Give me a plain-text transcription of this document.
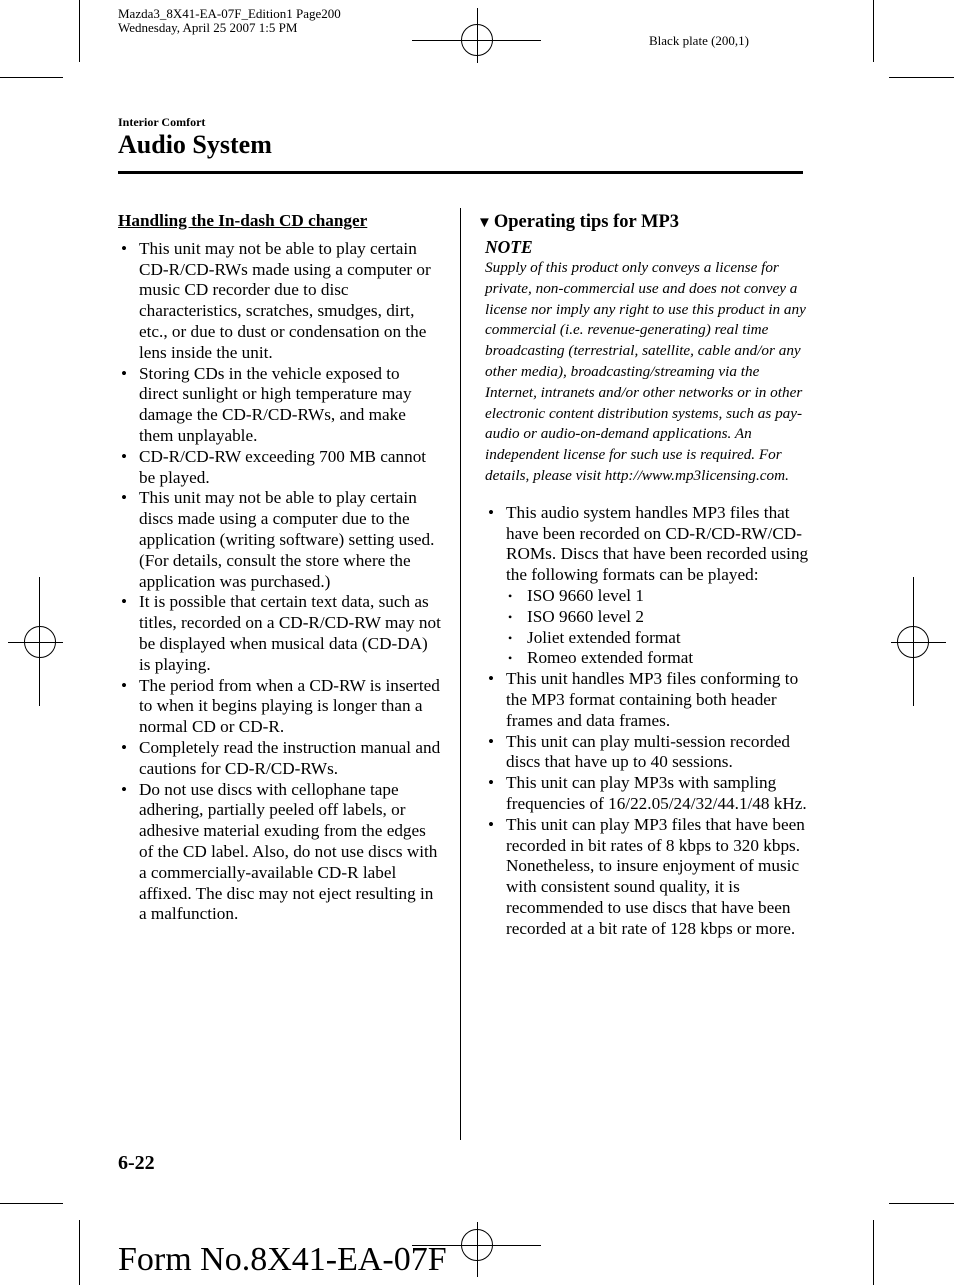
Mazda3_8X41-EA-07F_Edition1 Page200
Wednesday, April 25 2007 1:5 PM
Black plate (200,1)
Interior Comfort
Audio System
Handling the In-dash CD changer
• This unit may not be able to play certain CD-R/CD-RWs made using a computer or music CD recorder due to disc characteristics, scratches, smudges, dirt, etc., or due to dust or condensation on the lens inside the unit.
• Storing CDs in the vehicle exposed to direct sunlight or high temperature may damage the CD-R/CD-RWs, and make them unplayable.
• CD-R/CD-RW exceeding 700 MB cannot be played.
• This unit may not be able to play certain discs made using a computer due to the application (writing software) setting used. (For details, consult the store where the application was purchased.)
• It is possible that certain text data, such as titles, recorded on a CD-R/CD-RW may not be displayed when musical data (CD-DA) is playing.
• The period from when a CD-RW is inserted to when it begins playing is longer than a normal CD or CD-R.
• Completely read the instruction manual and cautions for CD-R/CD-RWs.
• Do not use discs with cellophane tape adhering, partially peeled off labels, or adhesive material exuding from the edges of the CD label. Also, do not use discs with a commercially-available CD-R label affixed. The disc may not eject resulting in a malfunction.
▼ Operating tips for MP3
NOTE
Supply of this product only conveys a license for private, non-commercial use and does not convey a license nor imply any right to use this product in any commercial (i.e. revenue-generating) real time broadcasting (terrestrial, satellite, cable and/or any other media), broadcasting/streaming via the Internet, intranets and/or other networks or in other electronic content distribution systems, such as pay-audio or audio-on-demand applications. An independent license for such use is required. For details, please visit http://www.mp3licensing.com.
• This audio system handles MP3 files that have been recorded on CD-R/CD-RW/CD-ROMs. Discs that have been recorded using the following formats can be played:
• ISO 9660 level 1
• ISO 9660 level 2
• Joliet extended format
• Romeo extended format
• This unit handles MP3 files conforming to the MP3 format containing both header frames and data frames.
• This unit can play multi-session recorded discs that have up to 40 sessions.
• This unit can play MP3s with sampling frequencies of 16/22.05/24/32/44.1/48 kHz.
• This unit can play MP3 files that have been recorded in bit rates of 8 kbps to 320 kbps. Nonetheless, to insure enjoyment of music with consistent sound quality, it is recommended to use discs that have been recorded at a bit rate of 128 kbps or more.
6-22
Form No.8X41-EA-07F
